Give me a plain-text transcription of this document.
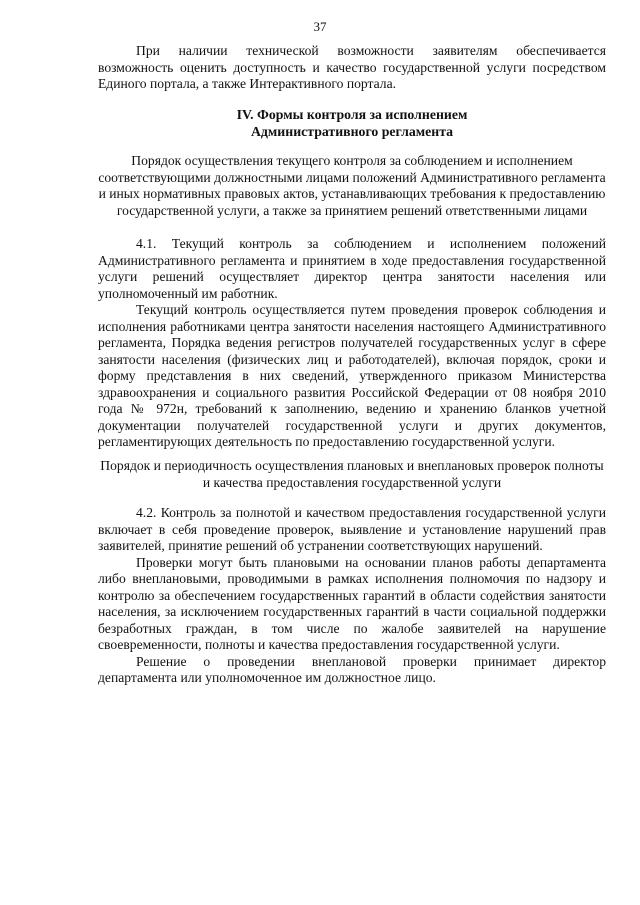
37

При наличии технической возможности заявителям обеспечивается возможность оценить доступность и качество государственной услуги посредством Единого портала, а также Интерактивного портала.

IV. Формы контроля за исполнением
Административного регламента
Порядок осуществления текущего контроля за соблюдением и исполнением соответствующими должностными лицами положений Административного регламента и иных нормативных правовых актов, устанавливающих требования к предоставлению государственной услуги, а также за принятием решений ответственными лицами

4.1. Текущий контроль за соблюдением и исполнением положений Административного регламента и принятием в ходе предоставления государственной услуги решений осуществляет директор центра занятости населения или уполномоченный им работник.

Текущий контроль осуществляется путем проведения проверок соблюдения и исполнения работниками центра занятости населения настоящего Административного регламента, Порядка ведения регистров получателей государственных услуг в сфере занятости населения (физических лиц и работодателей), включая порядок, сроки и форму представления в них сведений, утвержденного приказом Министерства здравоохранения и социального развития Российской Федерации от 08 ноября 2010 года № 972н, требований к заполнению, ведению и хранению бланков учетной документации получателей государственной услуги и других документов, регламентирующих деятельность по предоставлению государственной услуги.

Порядок и периодичность осуществления плановых и внеплановых проверок полноты и качества предоставления государственной услуги

4.2. Контроль за полнотой и качеством предоставления государственной услуги включает в себя проведение проверок, выявление и установление нарушений прав заявителей, принятие решений об устранении соответствующих нарушений.

Проверки могут быть плановыми на основании планов работы департамента либо внеплановыми, проводимыми в рамках исполнения полномочия по надзору и контролю за обеспечением государственных гарантий в области содействия занятости населения, за исключением государственных гарантий в части социальной поддержки безработных граждан, в том числе по жалобе заявителей на нарушение своевременности, полноты и качества предоставления государственной услуги.

Решение о проведении внеплановой проверки принимает директор департамента или уполномоченное им должностное лицо.
